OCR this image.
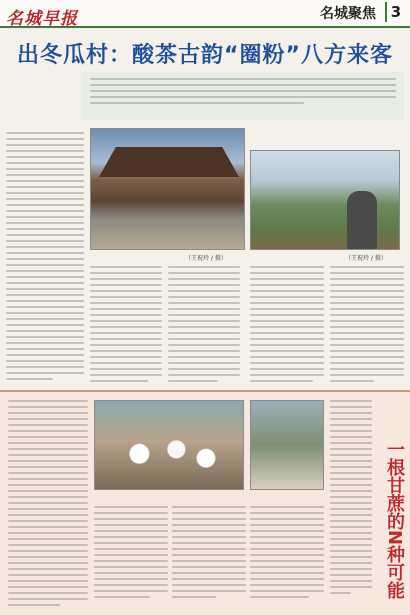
名城早报	名城聚焦 3
出冬瓜村：酸茶古韵“圈粉”八方来客
（王祝玲 / 摄）	（王祝玲 / 摄）
一根甘蔗的N种可能
